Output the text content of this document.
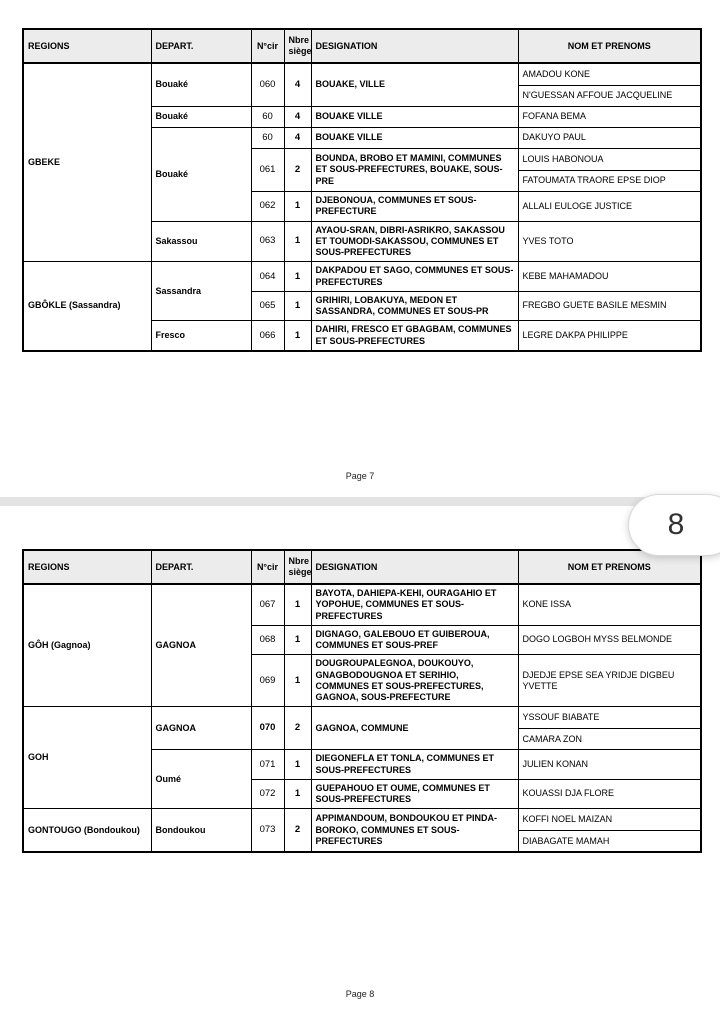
REGIONS	DEPART.	N°cir	Nbre siège	DESIGNATION	NOM ET PRENOMS
GBEKE	Bouaké	060	4	BOUAKE, VILLE	AMADOU KONE
N'GUESSAN AFFOUE JACQUELINE

	Bouaké	60	4	BOUAKE VILLE	FOFANA BEMA

	Bouaké	60	4	BOUAKE VILLE	DAKUYO PAUL

		061	2	BOUNDA, BROBO ET MAMINI, COMMUNES ET SOUS-PREFECTURES, BOUAKE, SOUS-PRE	LOUIS HABONOUA
FATOUMATA TRAORE EPSE DIOP

		062	1	DJEBONOUA, COMMUNES ET SOUS-PREFECTURE	ALLALI EULOGE JUSTICE

	Sakassou	063	1	AYAOU-SRAN, DIBRI-ASRIKRO, SAKASSOU ET TOUMODI-SAKASSOU, COMMUNES ET SOUS-PREFECTURES	YVES TOTO

GBÔKLE (Sassandra)	Sassandra	064	1	DAKPADOU ET SAGO, COMMUNES ET SOUS-PREFECTURES	KEBE MAHAMADOU

		065	1	GRIHIRI, LOBAKUYA, MEDON ET SASSANDRA, COMMUNES ET SOUS-PR	FREGBO GUETE BASILE MESMIN

	Fresco	066	1	DAHIRI, FRESCO ET GBAGBAM, COMMUNES ET SOUS-PREFECTURES	LEGRE DAKPA PHILIPPE
Page 7
REGIONS	DEPART.	N°cir	Nbre siège	DESIGNATION	NOM ET PRENOMS
GÔH (Gagnoa)	GAGNOA	067	1	BAYOTA, DAHIEPA-KEHI, OURAGAHIO ET YOPOHUE, COMMUNES ET SOUS-PREFECTURES	KONE ISSA

		068	1	DIGNAGO, GALEBOUO ET GUIBEROUA, COMMUNES ET SOUS-PREF	DOGO LOGBOH MYSS BELMONDE

		069	1	DOUGROUPALEGNOA, DOUKOUYO, GNAGBODOUGNOA ET SERIHIO, COMMUNES ET SOUS-PREFECTURES, GAGNOA, SOUS-PREFECTURE	DJEDJE EPSE SEA YRIDJE DIGBEU YVETTE

GOH	GAGNOA	070	2	GAGNOA, COMMUNE	YSSOUF BIABATE
CAMARA ZON

	Oumé	071	1	DIEGONEFLA ET TONLA, COMMUNES ET SOUS-PREFECTURES	JULIEN KONAN

		072	1	GUEPAHOUO ET OUME, COMMUNES ET SOUS-PREFECTURES	KOUASSI DJA FLORE

GONTOUGO (Bondoukou)	Bondoukou	073	2	APPIMANDOUM, BONDOUKOU ET PINDA-BOROKO, COMMUNES ET SOUS-PREFECTURES	KOFFI NOEL MAIZAN
DIABAGATE MAMAH
Page 8
8
